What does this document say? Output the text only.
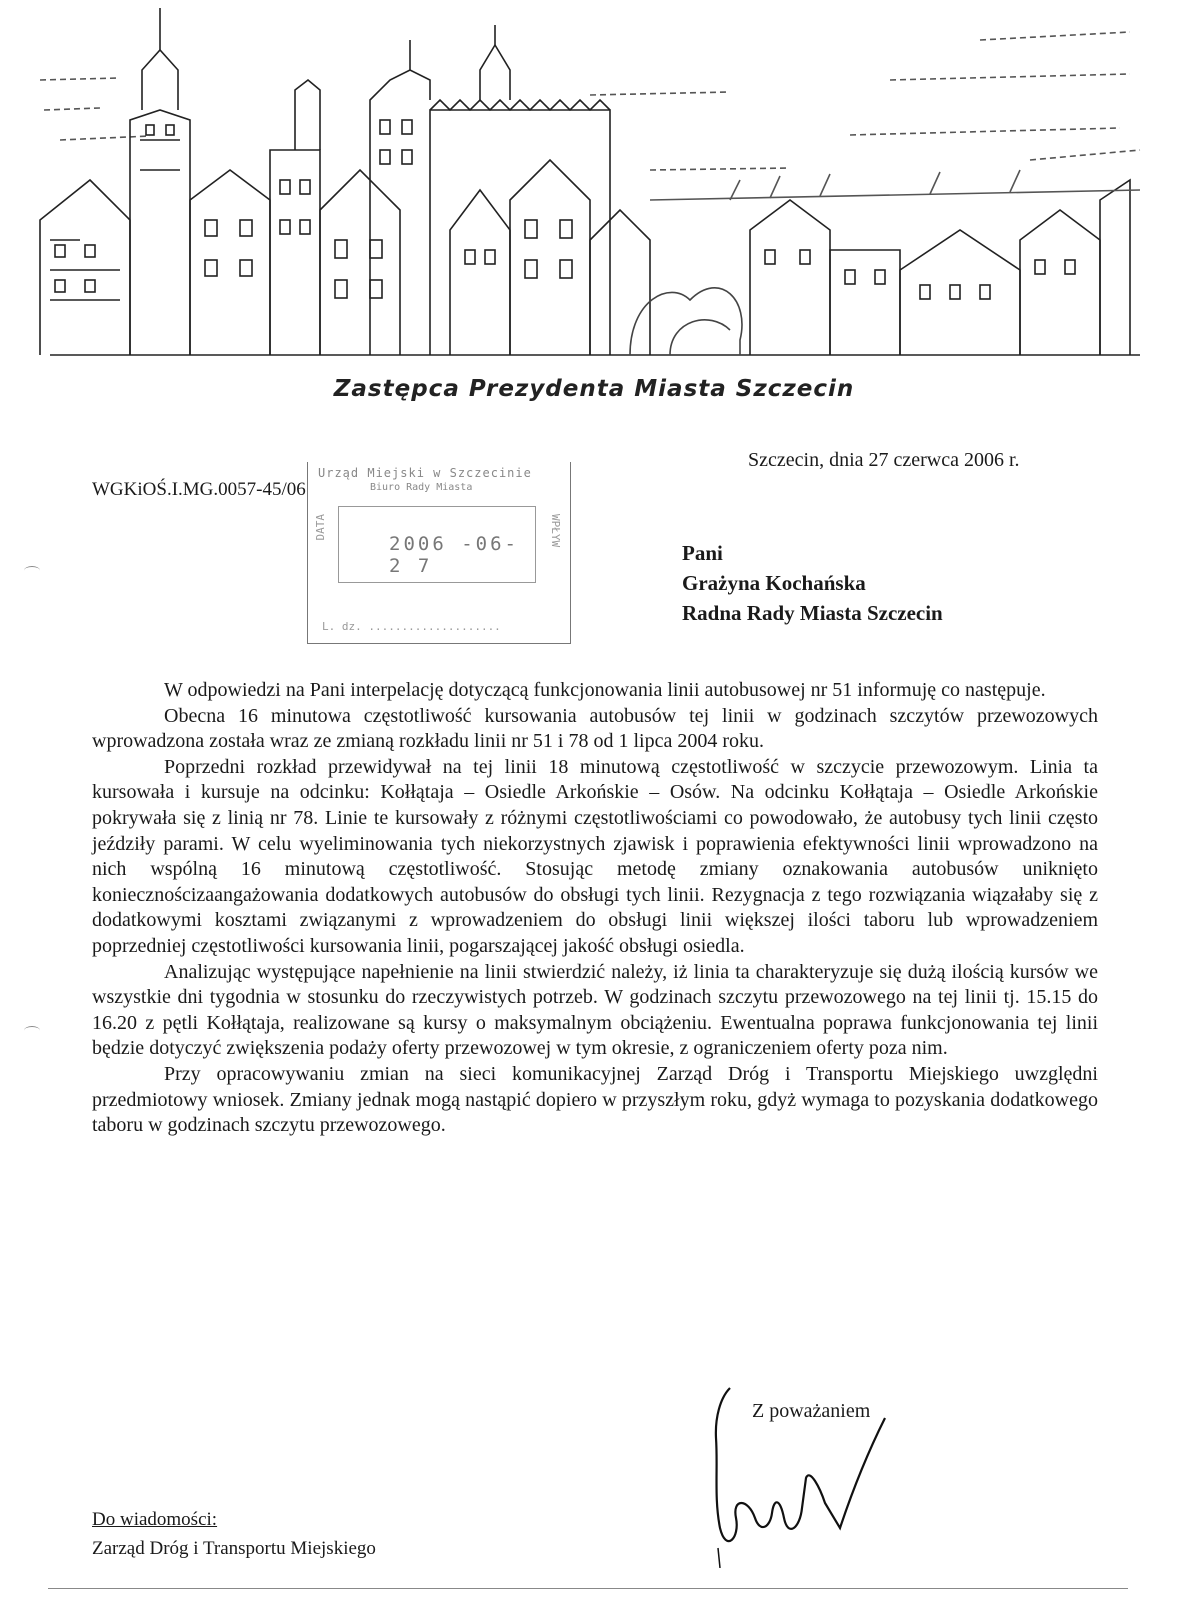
Zastępca Prezydenta Miasta Szczecin
Szczecin, dnia 27 czerwca 2006 r.
WGKiOŚ.I.MG.0057-45/06
Urząd Miejski w Szczecinie
Biuro Rady Miasta
DATA
2006 -06- 2 7
WPŁYW
L. dz. ....................
Pani
Grażyna Kochańska
Radna Rady Miasta Szczecin

W odpowiedzi na Pani interpelację dotyczącą funkcjonowania linii autobusowej nr 51 informuję co następuje.

Obecna 16 minutowa częstotliwość kursowania autobusów tej linii w godzinach szczytów przewozowych wprowadzona została wraz ze zmianą rozkładu linii nr 51 i 78 od 1 lipca 2004 roku.

Poprzedni rozkład przewidywał na tej linii 18 minutową częstotliwość w szczycie przewozowym. Linia ta kursowała i kursuje na odcinku: Kołłątaja – Osiedle Arkońskie – Osów. Na odcinku Kołłątaja – Osiedle Arkońskie pokrywała się z linią nr 78. Linie te kursowały z różnymi częstotliwościami co powodowało, że autobusy tych linii często jeździły parami. W celu wyeliminowania tych niekorzystnych zjawisk i poprawienia efektywności linii wprowadzono na nich wspólną 16 minutową częstotliwość. Stosując metodę zmiany oznakowania autobusów uniknięto koniecznościzaangażowania dodatkowych autobusów do obsługi tych linii. Rezygnacja z tego rozwiązania wiązałaby się z dodatkowymi kosztami związanymi z wprowadzeniem do obsługi linii większej ilości taboru lub wprowadzeniem poprzedniej częstotliwości kursowania linii, pogarszającej jakość obsługi osiedla.

Analizując występujące napełnienie na linii stwierdzić należy, iż linia ta charakteryzuje się dużą ilością kursów we wszystkie dni tygodnia w stosunku do rzeczywistych potrzeb. W godzinach szczytu przewozowego na tej linii tj. 15.15 do 16.20 z pętli Kołłątaja, realizowane są kursy o maksymalnym obciążeniu. Ewentualna poprawa funkcjonowania tej linii będzie dotyczyć zwiększenia podaży oferty przewozowej w tym okresie, z ograniczeniem oferty poza nim.

Przy opracowywaniu zmian na sieci komunikacyjnej Zarząd Dróg i Transportu Miejskiego uwzględni przedmiotowy wniosek. Zmiany jednak mogą nastąpić dopiero w przyszłym roku, gdyż wymaga to pozyskania dodatkowego taboru w godzinach szczytu przewozowego.

Z poważaniem
Do wiadomości:
Zarząd Dróg i Transportu Miejskiego
